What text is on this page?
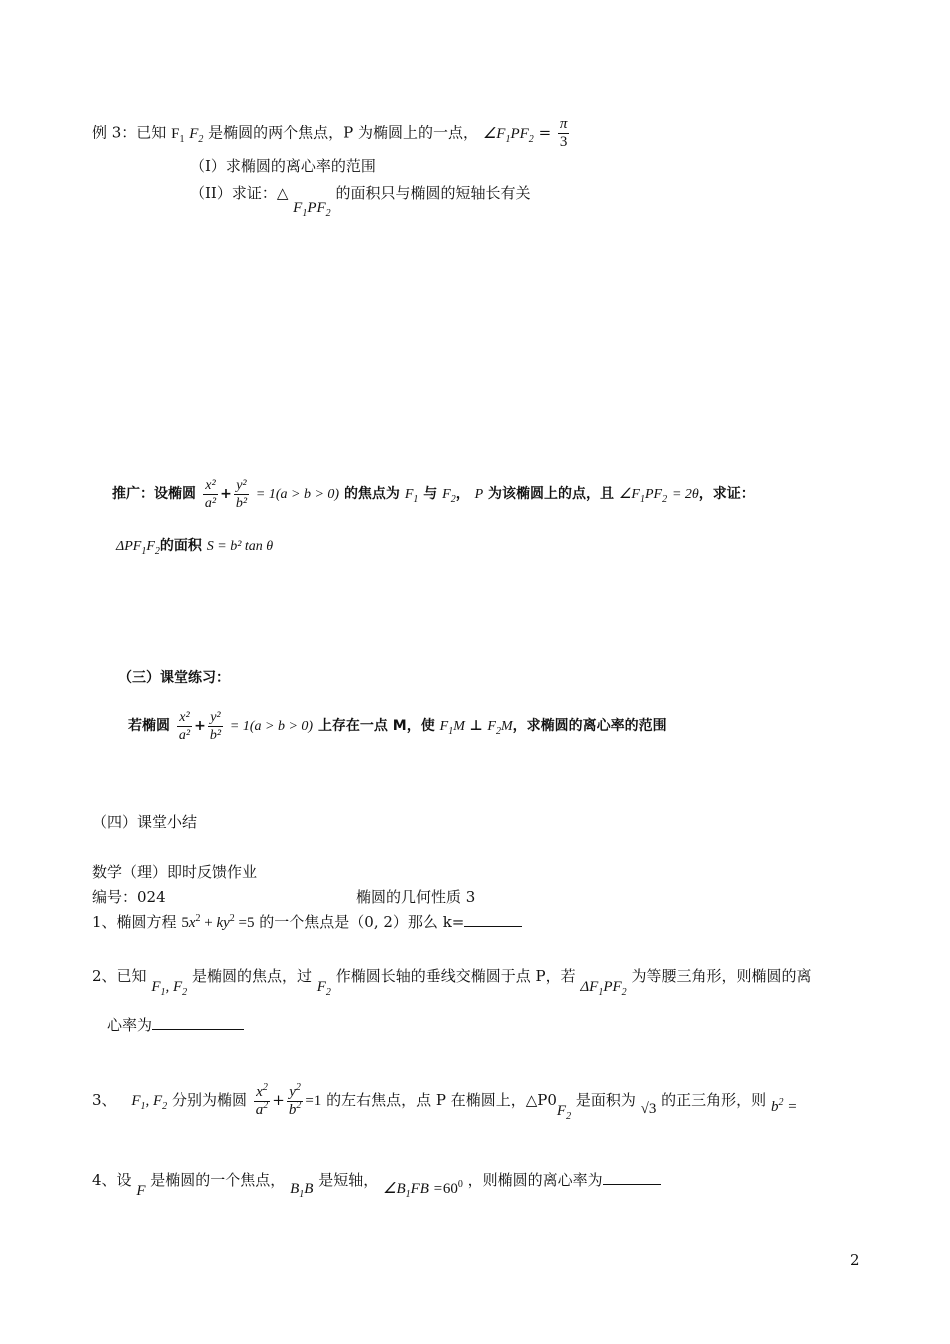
例 3：已知 $F_1$ $F_2$ 是椭圆的两个焦点，P 为椭圆上的一点， $\angle F_1PF_2 = \frac{\pi}{3}$
（I）求椭圆的离心率的范围
（II）求证：△ $F_1PF_2$ 的面积只与椭圆的短轴长有关
推广：设椭圆 $\frac{\text{x²}}{\text{a²}} + \frac{\text{y²}}{\text{b²}} = 1(a > b > 0)$ 的焦点为 $F_1$ 与 $F_2$， P 为该椭圆上的点，且 $\angle F_1PF_2 = 2\theta$，求证：
$\Delta PF_1F_2$的面积 S = b² tan θ
（三）课堂练习：
若椭圆 $\frac{\text{x²}}{\text{a²}} + \frac{\text{y²}}{\text{b²}} = 1(a > b > 0)$ 上存在一点 M，使 $F_1M$ ⊥ $F_2M$，求椭圆的离心率的范围
（四）课堂小结
数学（理）即时反馈作业
编号：024	椭圆的几何性质 3
1、椭圆方程 $5x^2 + ky^2 =5$ 的一个焦点是（0, 2）那么 k=
2、已知 $F_1$, $F_2$ 是椭圆的焦点，过 $F_2$ 作椭圆长轴的垂线交椭圆于点 P，若 $\Delta F_1PF_2$ 为等腰三角形，则椭圆的离
心率为
3、 $F_1$, $F_2$ 分别为椭圆 $\frac{x^2}{a^2} + \frac{y^2}{b^2} =1$ 的左右焦点，点 P 在椭圆上，$\triangle P0F_2$ 是面积为 √3 的正三角形，则 $b^2$ =
4、设 F 是椭圆的一个焦点， $B_1B$ 是短轴， $\angle B_1FB =60^0$ ，则椭圆的离心率为
2
